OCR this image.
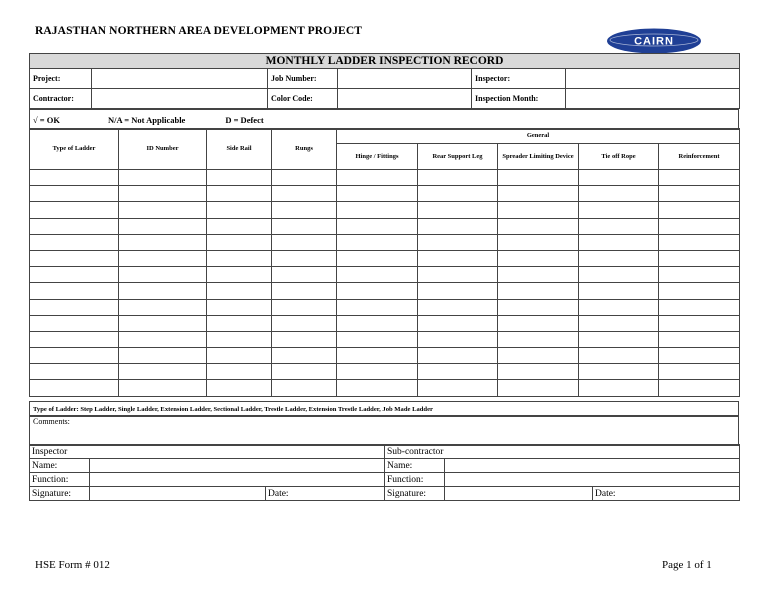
RAJASTHAN NORTHERN AREA DEVELOPMENT PROJECT
CAIRN
MONTHLY LADDER INSPECTION RECORD					
Project:		Job Number:		Inspector:	
Contractor:		Color Code:		Inspection Month:	
√ = OK	N/A = Not Applicable	D = Defect
Type of Ladder	ID Number	Side Rail	Rungs	General				
				Hinge / Fittings	Rear Support Leg	Spreader Limiting Device	Tie off Rope	Reinforcement

Type of Ladder: Step Ladder, Single Ladder, Extension Ladder, Sectional Ladder, Trestle Ladder, Extension Trestle Ladder, Job Made Ladder
Comments:
Inspector			Sub-contractor		
Name:			Name:		
Function:			Function:		
Signature:		Date:	Signature:		Date:
HSE Form # 012	Page 1 of 1
